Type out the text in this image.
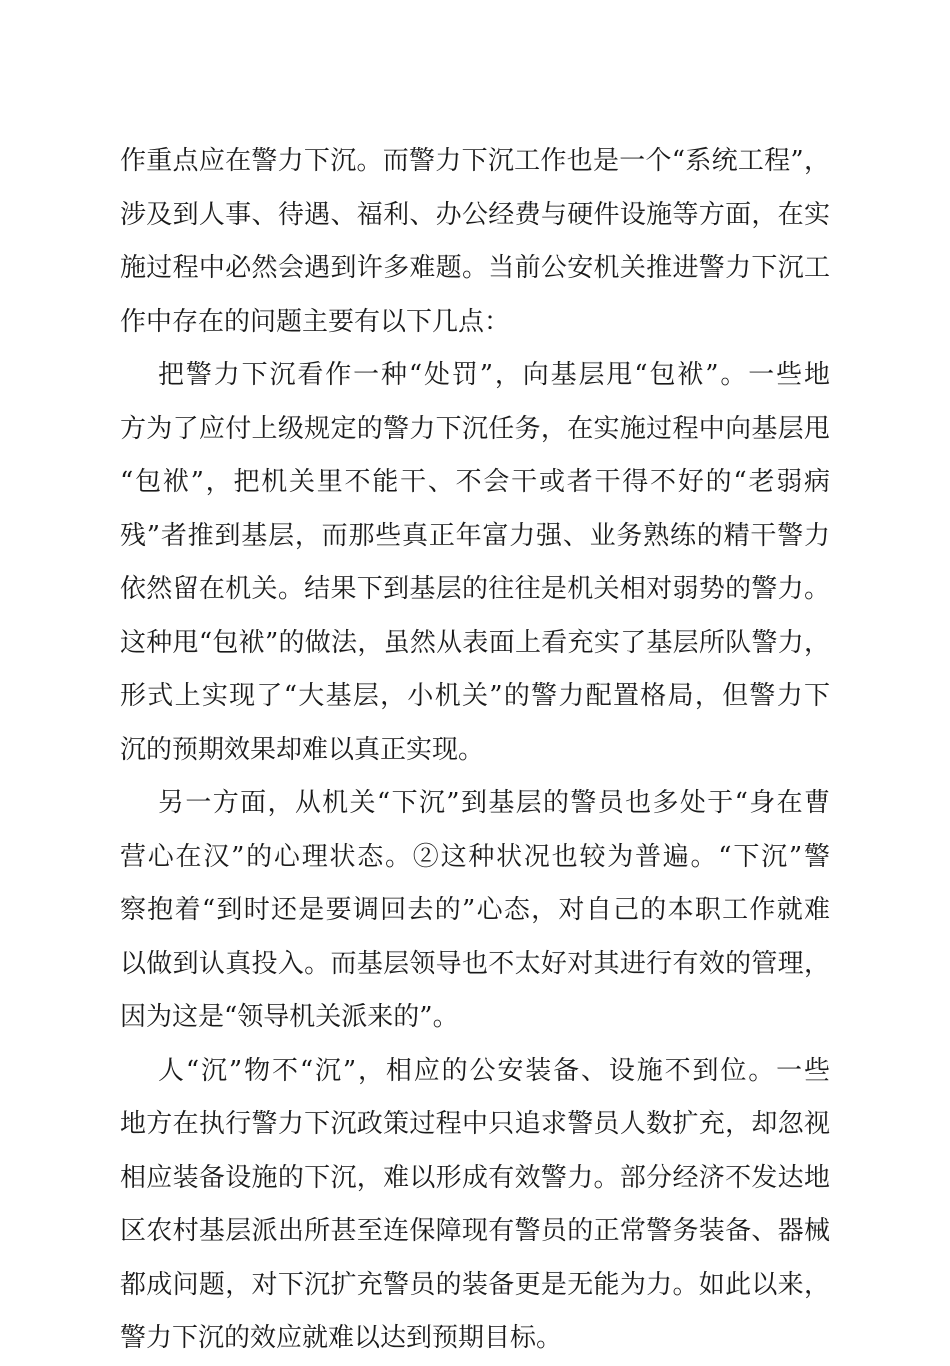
作重点应在警力下沉。而警力下沉工作也是一个“系统工程”，
涉及到人事、待遇、福利、办公经费与硬件设施等方面，在实
施过程中必然会遇到许多难题。当前公安机关推进警力下沉工
作中存在的问题主要有以下几点：
把警力下沉看作一种“处罚”，向基层甩“包袱”。一些地
方为了应付上级规定的警力下沉任务，在实施过程中向基层甩
“包袱”，把机关里不能干、不会干或者干得不好的“老弱病
残”者推到基层，而那些真正年富力强、业务熟练的精干警力
依然留在机关。结果下到基层的往往是机关相对弱势的警力。
这种甩“包袱”的做法，虽然从表面上看充实了基层所队警力，
形式上实现了“大基层，小机关”的警力配置格局，但警力下
沉的预期效果却难以真正实现。
另一方面，从机关“下沉”到基层的警员也多处于“身在曹
营心在汉”的心理状态。②这种状况也较为普遍。“下沉”警
察抱着“到时还是要调回去的”心态，对自己的本职工作就难
以做到认真投入。而基层领导也不太好对其进行有效的管理，
因为这是“领导机关派来的”。
人“沉”物不“沉”，相应的公安装备、设施不到位。一些
地方在执行警力下沉政策过程中只追求警员人数扩充，却忽视
相应装备设施的下沉，难以形成有效警力。部分经济不发达地
区农村基层派出所甚至连保障现有警员的正常警务装备、器械
都成问题，对下沉扩充警员的装备更是无能为力。如此以来，
警力下沉的效应就难以达到预期目标。
